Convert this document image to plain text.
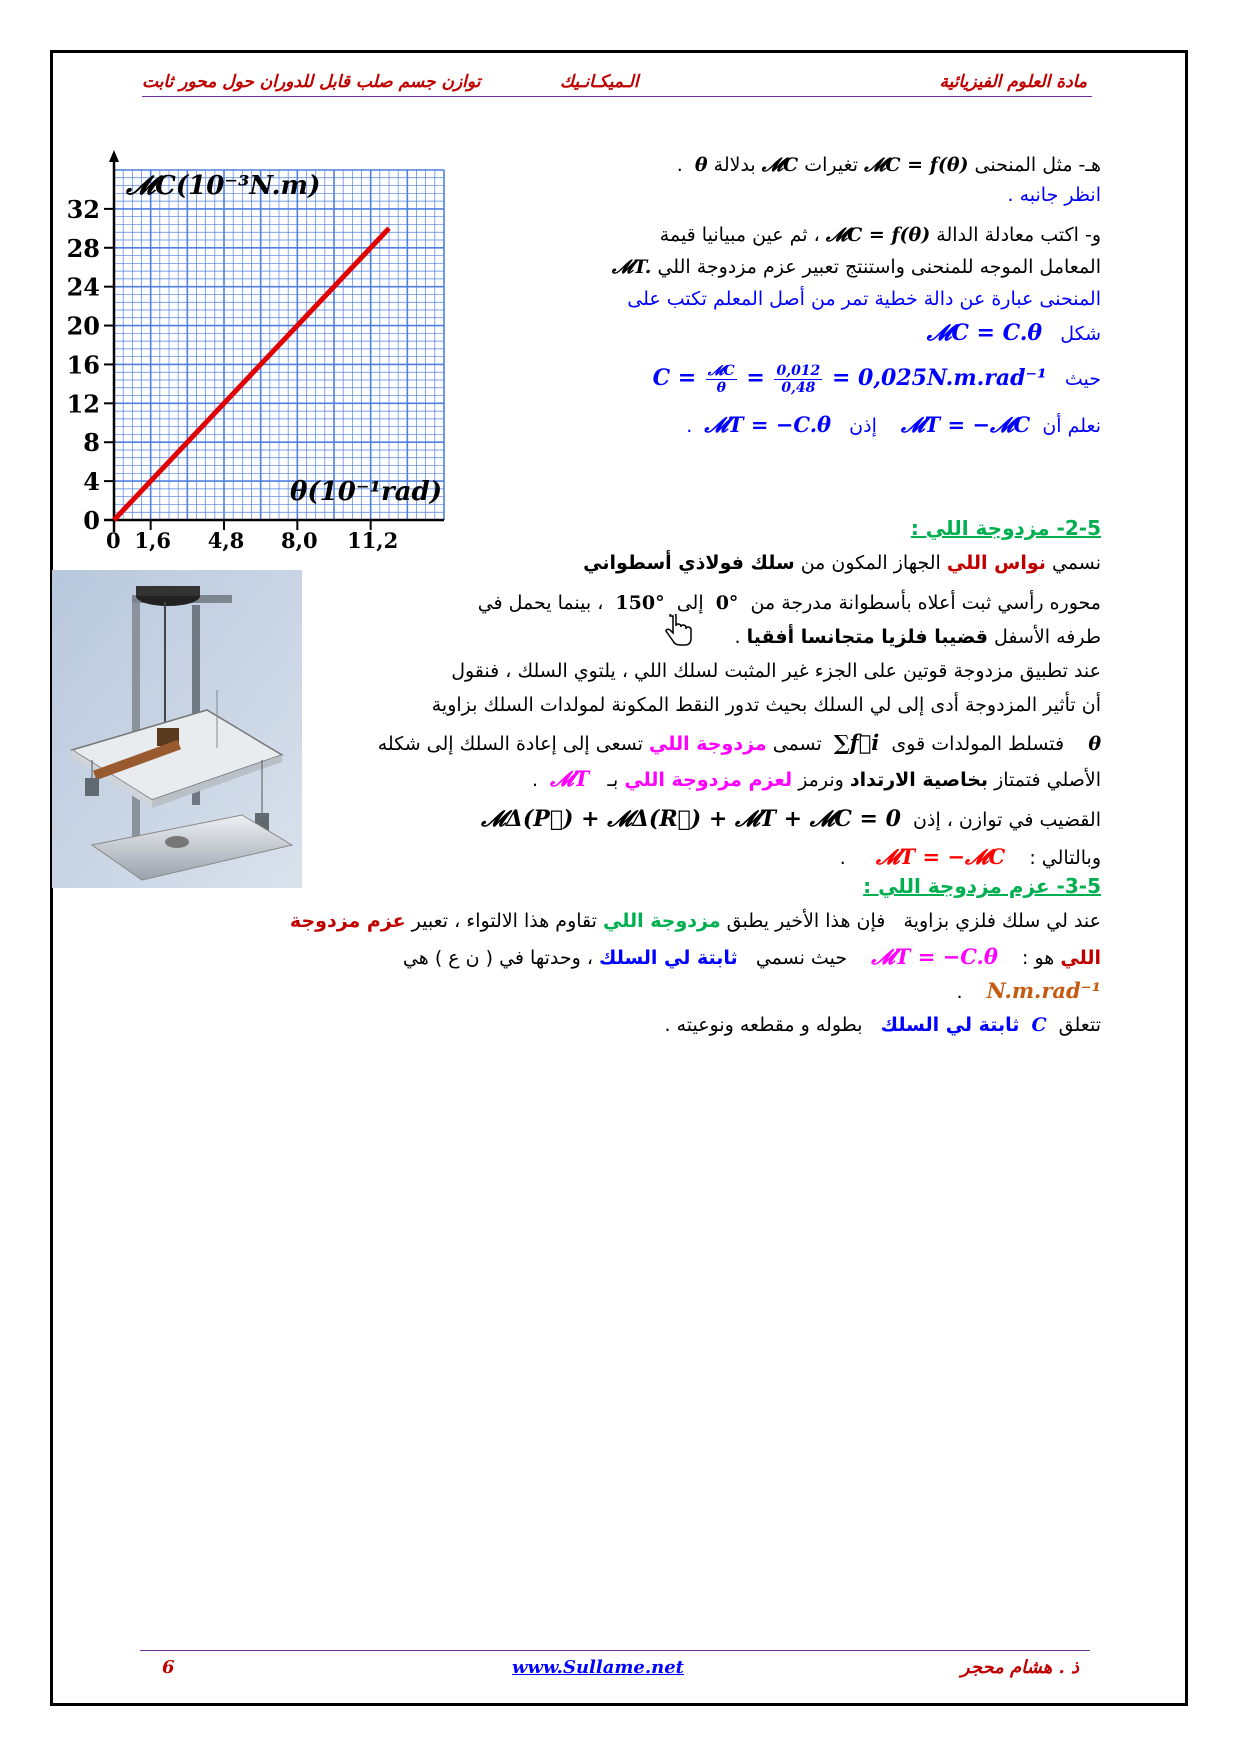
مادة العلوم الفيزيائية
الـميكـانـيك
توازن جسم صلب قابل للدوران حول محور ثابت
0
4
8
12
16
20
24
28
32
0 1,6 4,8 8,0 11,2
𝓜C(10⁻³N.m)
θ(10⁻¹rad)
هـ- مثل المنحنى 𝓜C = f(θ) تغيرات 𝓜C بدلالة θ  .
انظر جانبه .
و- اكتب معادلة الدالة 𝓜C = f(θ) ، ثم عين مبيانيا قيمة
المعامل الموجه للمنحنى واستنتج تعبير عزم مزدوجة اللي 𝓜T.
المنحنى عبارة عن دالة خطية تمر من أصل المعلم تكتب على
شكل   𝓜C = C.θ
حيث   $C = \frac{\text{𝓜C}}{\theta} = \frac{0,012}{0,48} = 0,025N.m.rad^{-1}$
نعلم أن  𝓜T = −𝓜C    إذن   𝓜T = −C.θ  .
2-5- مزدوجة اللي :
نسمي نواس اللي الجهاز المكون من سلك فولاذي أسطواني
محوره رأسي ثبت أعلاه بأسطوانة مدرجة من  0°  إلى  150°  ، بينما يحمل في
طرفه الأسفل قضيبا فلزيا متجانسا أفقيا .
عند تطبيق مزدوجة قوتين على الجزء غير المثبت لسلك اللي ، يلتوي السلك ، فنقول
أن تأثير المزدوجة أدى إلى لي السلك بحيث تدور النقط المكونة لمولدات السلك بزاوية
θ    فتسلط المولدات قوى  ∑f⃗i  تسمى مزدوجة اللي تسعى إلى إعادة السلك إلى شكله
الأصلي فتمتاز بخاصية الارتداد ونرمز لعزم مزدوجة اللي بـ   𝓜T  .
القضيب في توازن ، إذن  𝓜Δ(P⃗) + 𝓜Δ(R⃗) + 𝓜T + 𝓜C = 0
وبالتالي :    𝓜T = −𝓜C     .
3-5- عزم مزدوجة اللي :
عند لي سلك فلزي بزاوية   فإن هذا الأخير يطبق مزدوجة اللي تقاوم هذا الالتواء ، تعبير عزم مزدوجة
اللي هو :    𝓜T = −C.θ    حيث نسمي   ثابتة لي السلك ، وحدتها في ( ن ع ) هي
N.m.rad⁻¹    .
تتعلق  C  ثابتة لي السلك   بطوله و مقطعه ونوعيته .
6	www.Sullame.net	ذ . هشام محجر
